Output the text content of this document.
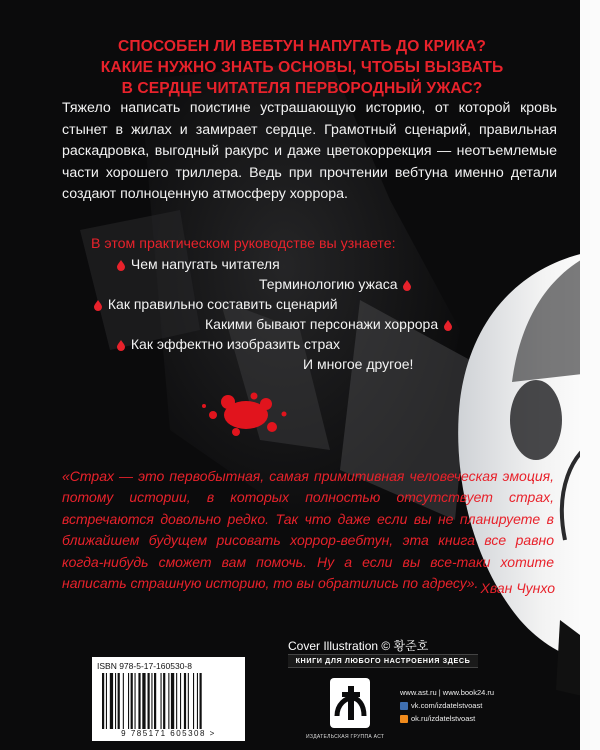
СПОСОБЕН ЛИ ВЕБТУН НАПУГАТЬ ДО КРИКА?
КАКИЕ НУЖНО ЗНАТЬ ОСНОВЫ, ЧТОБЫ ВЫЗВАТЬ
В СЕРДЦЕ ЧИТАТЕЛЯ ПЕРВОРОДНЫЙ УЖАС?
Тяжело написать поистине устрашающую историю, от которой кровь стынет в жилах и замирает сердце. Грамотный сценарий, правильная раскадровка, выгодный ракурс и даже цветокоррекция — неотъемлемые части хорошего триллера. Ведь при прочтении вебтуна именно детали создают полноценную атмосферу хоррора.
В этом практическом руководстве вы узнаете:
Чем напугать читателя
Терминологию ужаса
Как правильно составить сценарий
Какими бывают персонажи хоррора
Как эффектно изобразить страх
И многое другое!
«Страх — это первобытная, самая примитивная человеческая эмоция, потому истории, в которых полностью отсутствует страх, встречаются довольно редко. Так что даже если вы не планируете в ближайшем будущем рисовать хоррор-вебтун, эта книга все равно когда-нибудь сможет вам помочь. Ну а если вы все-таки хотите написать страшную историю, то вы обратились по адресу». Хван Чунхо
ISBN 978-5-17-160530-8
9 785171 605308 >
Cover Illustration © 황준호
КНИГИ ДЛЯ ЛЮБОГО НАСТРОЕНИЯ ЗДЕСЬ
ИЗДАТЕЛЬСКАЯ ГРУППА АСТ
www.ast.ru | www.book24.ru
vk.com/izdatelstvoast
ok.ru/izdatelstvoast
